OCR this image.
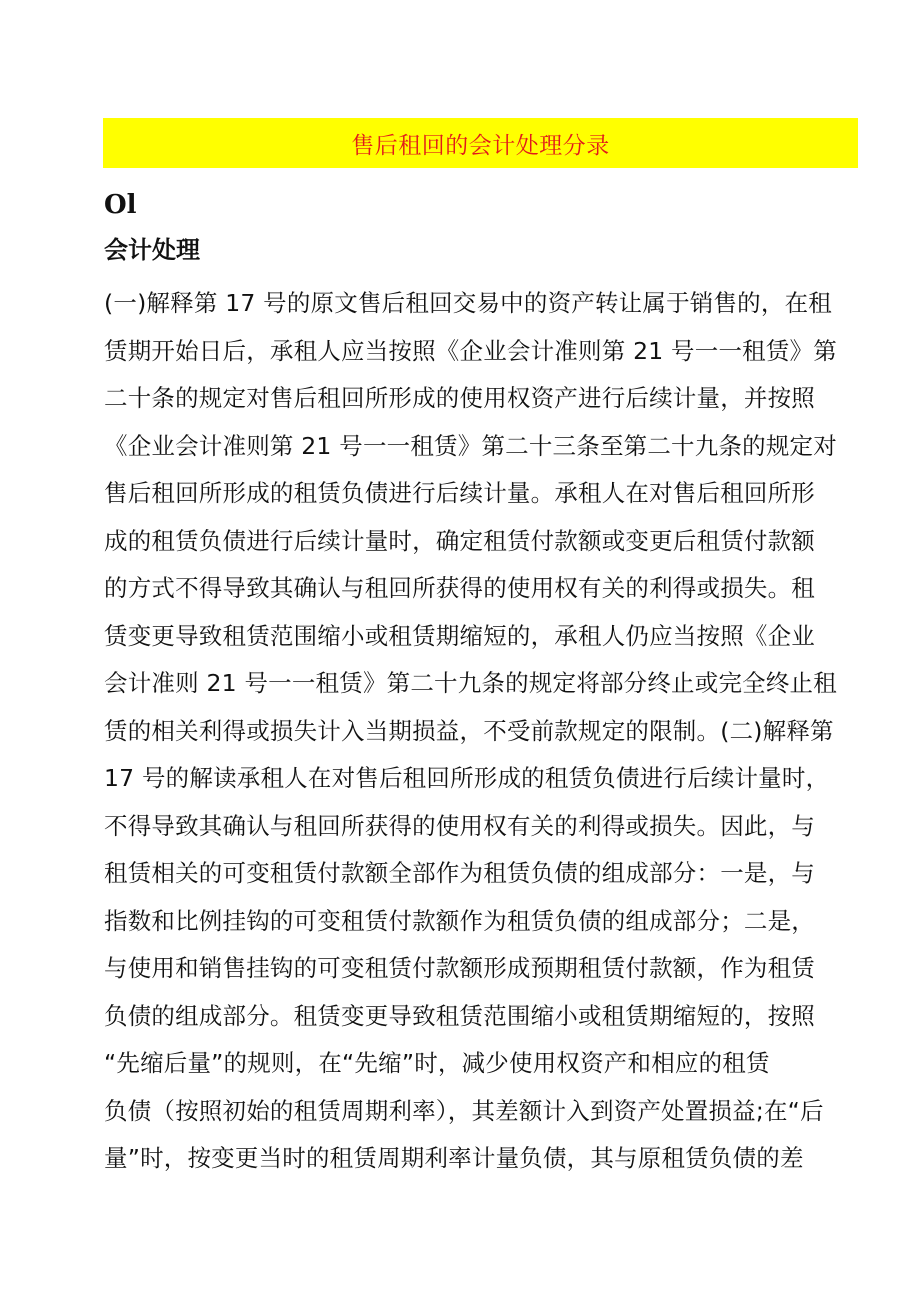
售后租回的会计处理分录
Ol
会计处理
(一)解释第 17 号的原文售后租回交易中的资产转让属于销售的，在租
赁期开始日后，承租人应当按照《企业会计准则第 21 号一一租赁》第
二十条的规定对售后租回所形成的使用权资产进行后续计量，并按照
《企业会计准则第 21 号一一租赁》第二十三条至第二十九条的规定对
售后租回所形成的租赁负债进行后续计量。承租人在对售后租回所形
成的租赁负债进行后续计量时，确定租赁付款额或变更后租赁付款额
的方式不得导致其确认与租回所获得的使用权有关的利得或损失。租
赁变更导致租赁范围缩小或租赁期缩短的，承租人仍应当按照《企业
会计准则 21 号一一租赁》第二十九条的规定将部分终止或完全终止租
赁的相关利得或损失计入当期损益，不受前款规定的限制。(二)解释第
17 号的解读承租人在对售后租回所形成的租赁负债进行后续计量时，
不得导致其确认与租回所获得的使用权有关的利得或损失。因此，与
租赁相关的可变租赁付款额全部作为租赁负债的组成部分：一是，与
指数和比例挂钩的可变租赁付款额作为租赁负债的组成部分；二是，
与使用和销售挂钩的可变租赁付款额形成预期租赁付款额，作为租赁
负债的组成部分。租赁变更导致租赁范围缩小或租赁期缩短的，按照
“先缩后量”的规则，在“先缩”时，减少使用权资产和相应的租赁
负债（按照初始的租赁周期利率），其差额计入到资产处置损益;在“后
量”时，按变更当时的租赁周期利率计量负债，其与原租赁负债的差
